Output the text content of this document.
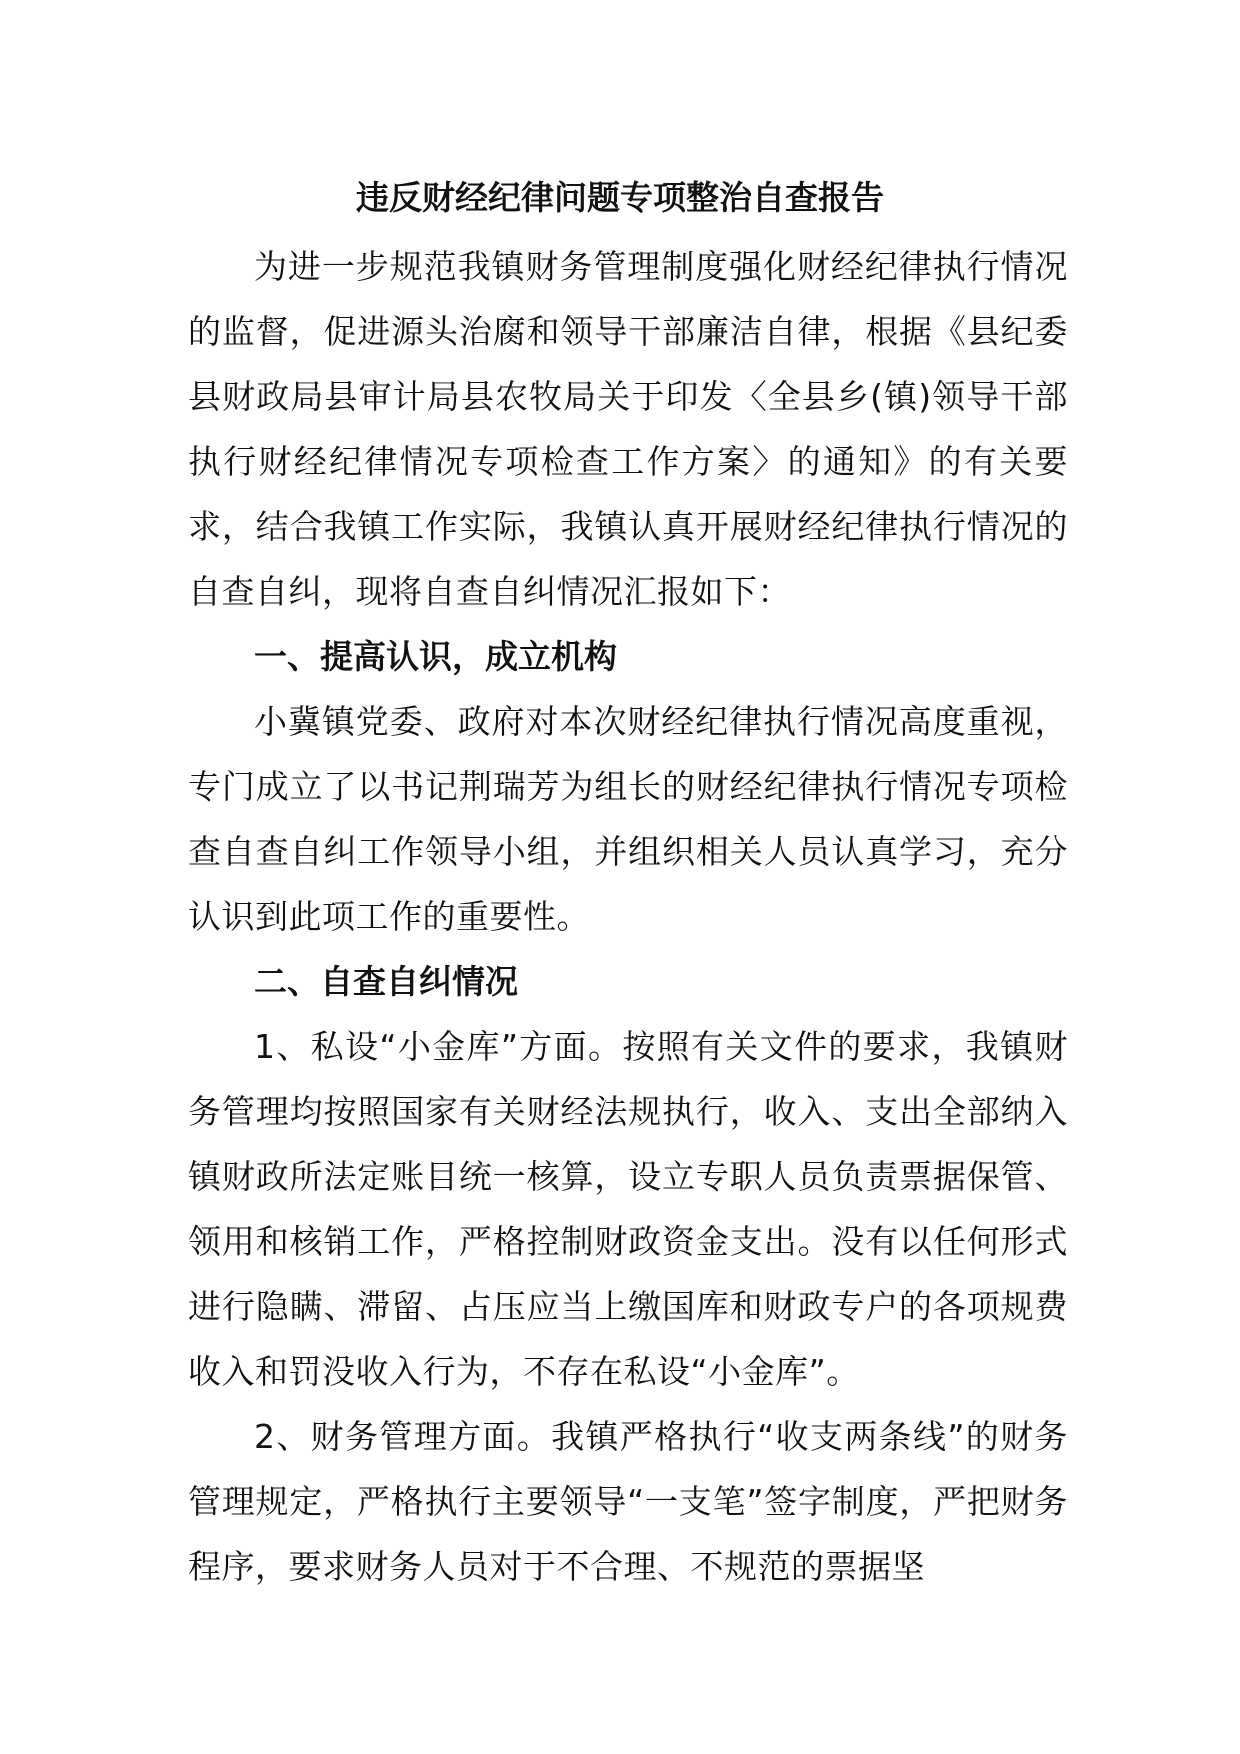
违反财经纪律问题专项整治自查报告

为进一步规范我镇财务管理制度强化财经纪律执行情况的监督，促进源头治腐和领导干部廉洁自律，根据《县纪委县财政局县审计局县农牧局关于印发〈全县乡(镇)领导干部执行财经纪律情况专项检查工作方案〉的通知》的有关要求，结合我镇工作实际，我镇认真开展财经纪律执行情况的自查自纠，现将自查自纠情况汇报如下：

一、提高认识，成立机构

小冀镇党委、政府对本次财经纪律执行情况高度重视，专门成立了以书记荆瑞芳为组长的财经纪律执行情况专项检查自查自纠工作领导小组，并组织相关人员认真学习，充分认识到此项工作的重要性。

二、自查自纠情况

1、私设“小金库”方面。按照有关文件的要求，我镇财务管理均按照国家有关财经法规执行，收入、支出全部纳入镇财政所法定账目统一核算，设立专职人员负责票据保管、领用和核销工作，严格控制财政资金支出。没有以任何形式进行隐瞒、滞留、占压应当上缴国库和财政专户的各项规费收入和罚没收入行为，不存在私设“小金库”。

2、财务管理方面。我镇严格执行“收支两条线”的财务管理规定，严格执行主要领导“一支笔”签字制度，严把财务程序，要求财务人员对于不合理、不规范的票据坚
